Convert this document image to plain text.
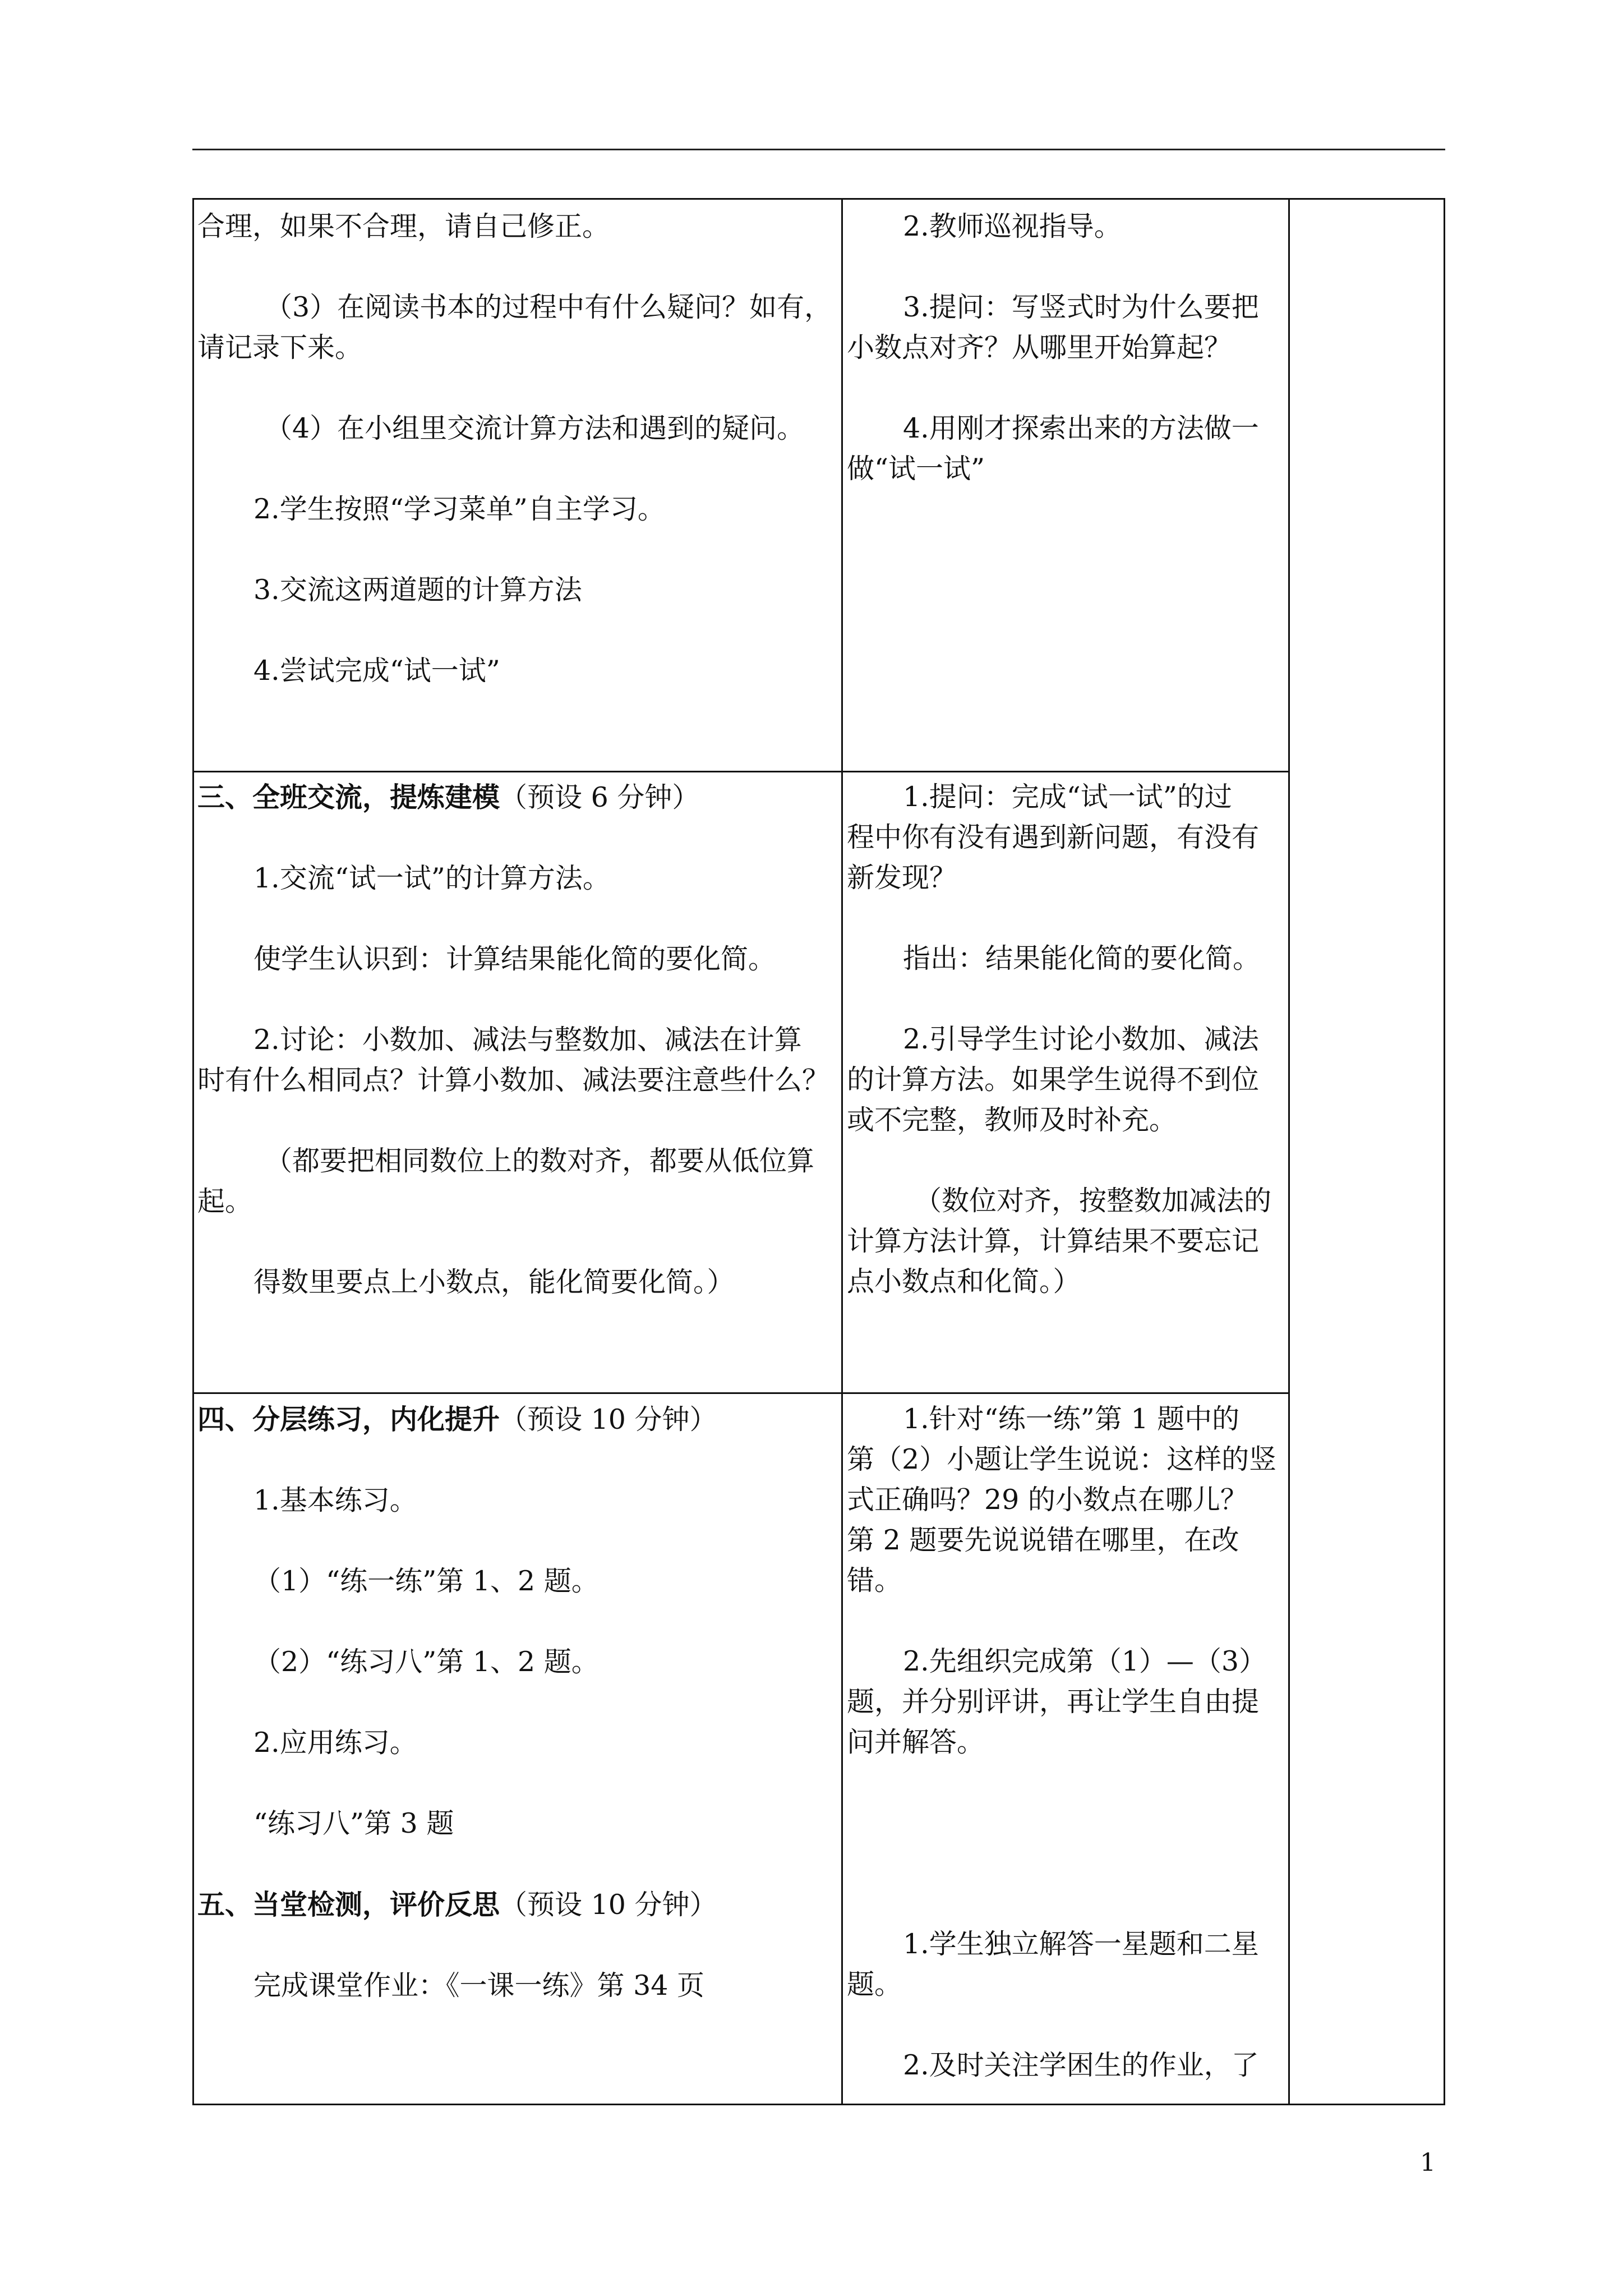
合理，如果不合理，请自己修正。

（3）在阅读书本的过程中有什么疑问？如有，

请记录下来。

（4）在小组里交流计算方法和遇到的疑问。

2.学生按照“学习菜单”自主学习。

3.交流这两道题的计算方法

4.尝试完成“试一试”

2.教师巡视指导。

3.提问：写竖式时为什么要把

小数点对齐？从哪里开始算起？

4.用刚才探索出来的方法做一

做“试一试”

三、全班交流，提炼建模（预设 6 分钟）

1.交流“试一试”的计算方法。

使学生认识到：计算结果能化简的要化简。

2.讨论：小数加、减法与整数加、减法在计算

时有什么相同点？计算小数加、减法要注意些什么？

（都要把相同数位上的数对齐，都要从低位算

起。

得数里要点上小数点，能化简要化简。）

1.提问：完成“试一试”的过

程中你有没有遇到新问题，有没有

新发现？

指出：结果能化简的要化简。

2.引导学生讨论小数加、减法

的计算方法。如果学生说得不到位

或不完整，教师及时补充。

（数位对齐，按整数加减法的

计算方法计算，计算结果不要忘记

点小数点和化简。）

四、分层练习，内化提升（预设 10 分钟）

1.基本练习。

（1）“练一练”第 1、2 题。

（2）“练习八”第 1、2 题。

2.应用练习。

“练习八”第 3 题

五、当堂检测，评价反思（预设 10 分钟）

完成课堂作业：《一课一练》第 34 页

1.针对“练一练”第 1 题中的

第（2）小题让学生说说：这样的竖

式正确吗？29 的小数点在哪儿？

第 2 题要先说说错在哪里，在改错。

2.先组织完成第（1）—（3）

题，并分别评讲，再让学生自由提

问并解答。

1.学生独立解答一星题和二星

题。

2.及时关注学困生的作业，了

1
